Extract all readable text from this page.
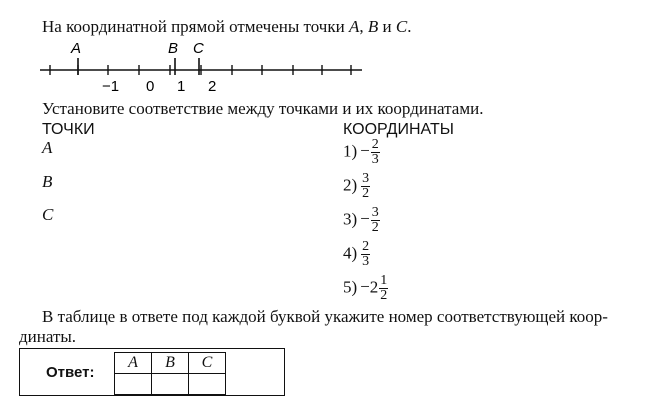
На координатной прямой отмечены точки A, B и C.
A	B C
−1 0 1 2
Установите соответствие между точками и их координатами.
ТОЧКИ
A
B
C
КООРДИНАТЫ
$1) - \frac{2}{3}$
$2) \frac{3}{2}$
$3) - \frac{3}{2}$
$4) \frac{2}{3}$
$5) -2 \frac{1}{2}$
В таблице в ответе под каждой буквой укажите номер соответствующей коор-
динаты.
Ответ:
A	B	C
